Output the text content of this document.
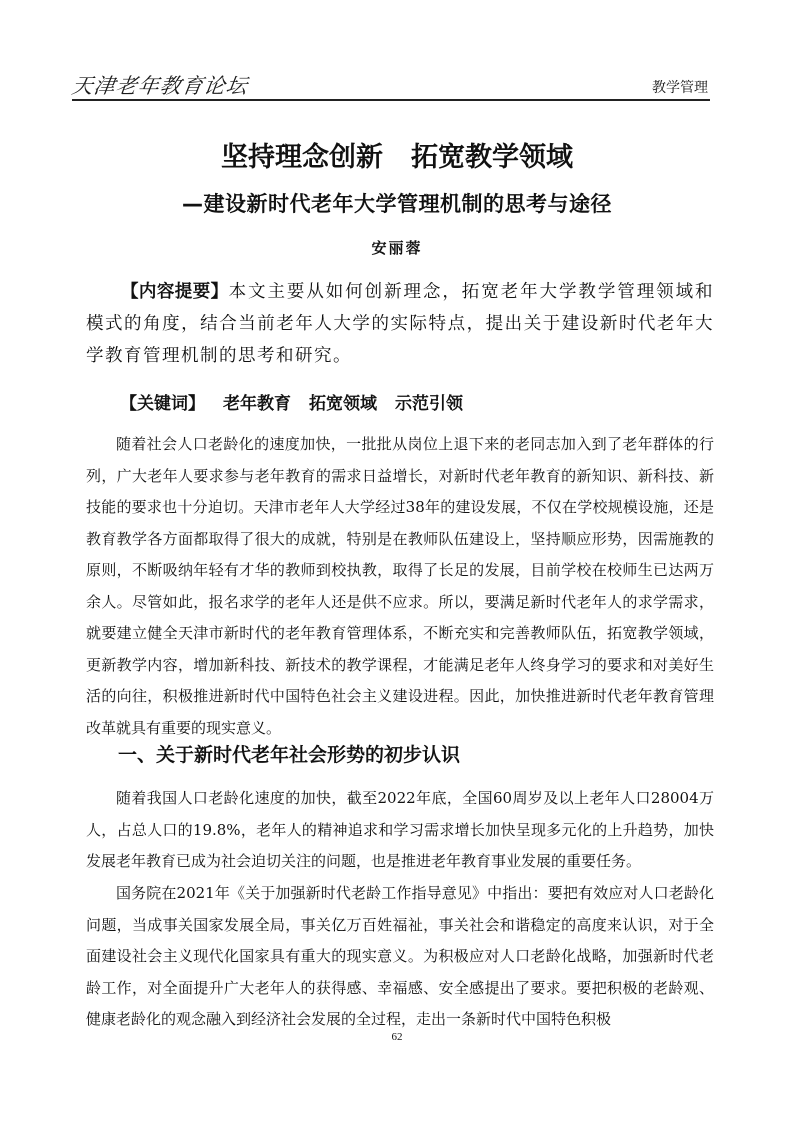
天津老年教育论坛	教学管理
坚持理念创新 拓宽教学领域
—建设新时代老年大学管理机制的思考与途径
安丽蓉

【内容提要】本文主要从如何创新理念，拓宽老年大学教学管理领域和模式的角度，结合当前老年人大学的实际特点，提出关于建设新时代老年大学教育管理机制的思考和研究。

【关键词】 老年教育 拓宽领域 示范引领

随着社会人口老龄化的速度加快，一批批从岗位上退下来的老同志加入到了老年群体的行列，广大老年人要求参与老年教育的需求日益增长，对新时代老年教育的新知识、新科技、新技能的要求也十分迫切。天津市老年人大学经过38年的建设发展，不仅在学校规模设施，还是教育教学各方面都取得了很大的成就，特别是在教师队伍建设上，坚持顺应形势，因需施教的原则，不断吸纳年轻有才华的教师到校执教，取得了长足的发展，目前学校在校师生已达两万余人。尽管如此，报名求学的老年人还是供不应求。所以，要满足新时代老年人的求学需求，就要建立健全天津市新时代的老年教育管理体系，不断充实和完善教师队伍，拓宽教学领域，更新教学内容，增加新科技、新技术的教学课程，才能满足老年人终身学习的要求和对美好生活的向往，积极推进新时代中国特色社会主义建设进程。因此，加快推进新时代老年教育管理改革就具有重要的现实意义。

一、关于新时代老年社会形势的初步认识

随着我国人口老龄化速度的加快，截至2022年底，全国60周岁及以上老年人口28004万人，占总人口的19.8%，老年人的精神追求和学习需求增长加快呈现多元化的上升趋势，加快发展老年教育已成为社会迫切关注的问题，也是推进老年教育事业发展的重要任务。

国务院在2021年《关于加强新时代老龄工作指导意见》中指出：要把有效应对人口老龄化问题，当成事关国家发展全局，事关亿万百姓福祉，事关社会和谐稳定的高度来认识，对于全面建设社会主义现代化国家具有重大的现实意义。为积极应对人口老龄化战略，加强新时代老龄工作，对全面提升广大老年人的获得感、幸福感、安全感提出了要求。要把积极的老龄观、健康老龄化的观念融入到经济社会发展的全过程，走出一条新时代中国特色积极

62
